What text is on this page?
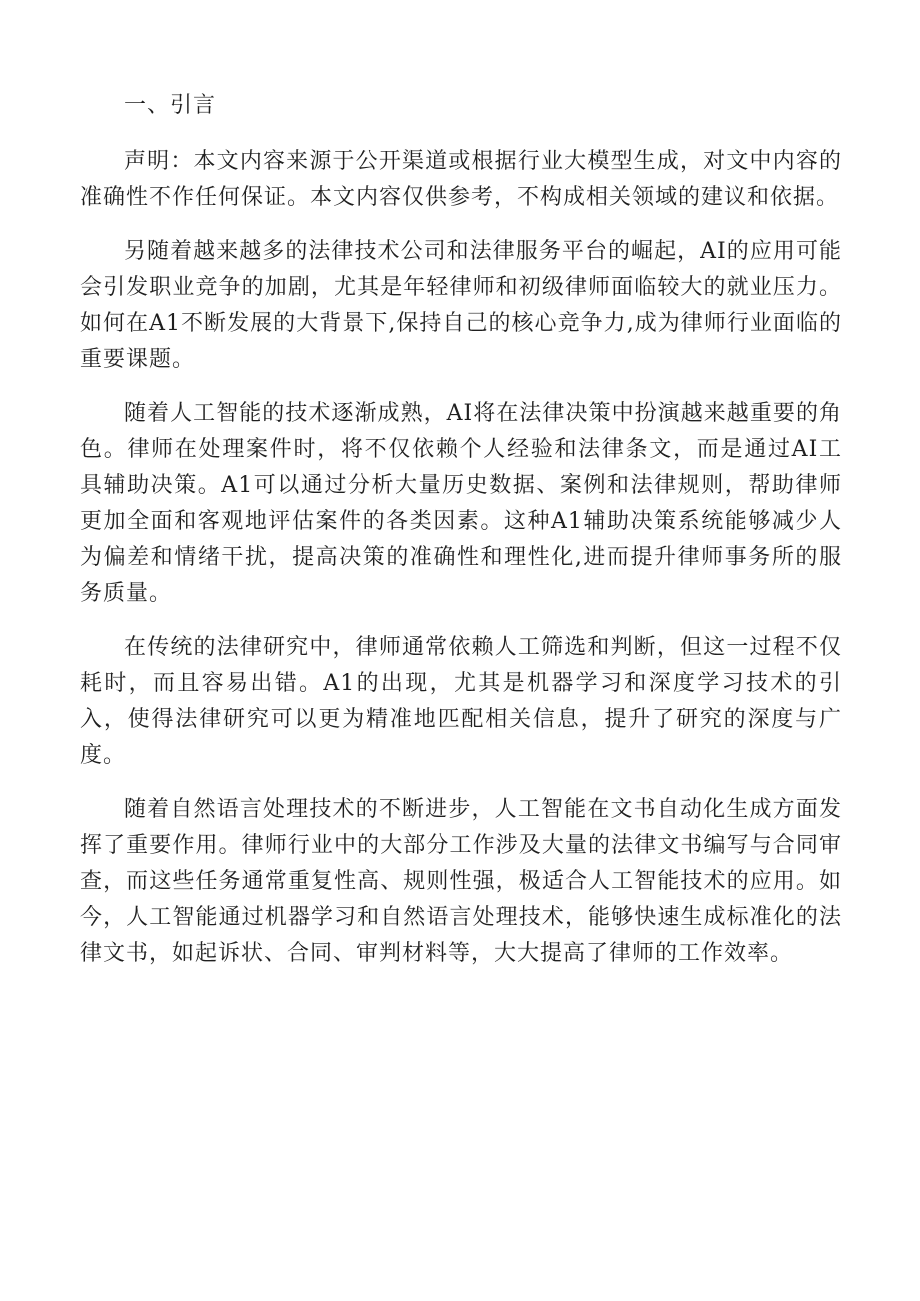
一、引言

声明：本文内容来源于公开渠道或根据行业大模型生成，对文中内容的准确性不作任何保证。本文内容仅供参考，不构成相关领域的建议和依据。

另随着越来越多的法律技术公司和法律服务平台的崛起，AI的应用可能会引发职业竞争的加剧，尤其是年轻律师和初级律师面临较大的就业压力。如何在A1不断发展的大背景下,保持自己的核心竞争力,成为律师行业面临的重要课题。

随着人工智能的技术逐渐成熟，AI将在法律决策中扮演越来越重要的角色。律师在处理案件时，将不仅依赖个人经验和法律条文，而是通过AI工具辅助决策。A1可以通过分析大量历史数据、案例和法律规则，帮助律师更加全面和客观地评估案件的各类因素。这种A1辅助决策系统能够减少人为偏差和情绪干扰，提高决策的准确性和理性化,进而提升律师事务所的服务质量。

在传统的法律研究中，律师通常依赖人工筛选和判断，但这一过程不仅耗时，而且容易出错。A1的出现，尤其是机器学习和深度学习技术的引入，使得法律研究可以更为精准地匹配相关信息，提升了研究的深度与广度。

随着自然语言处理技术的不断进步，人工智能在文书自动化生成方面发挥了重要作用。律师行业中的大部分工作涉及大量的法律文书编写与合同审查，而这些任务通常重复性高、规则性强，极适合人工智能技术的应用。如今，人工智能通过机器学习和自然语言处理技术，能够快速生成标准化的法律文书，如起诉状、合同、审判材料等，大大提高了律师的工作效率。
